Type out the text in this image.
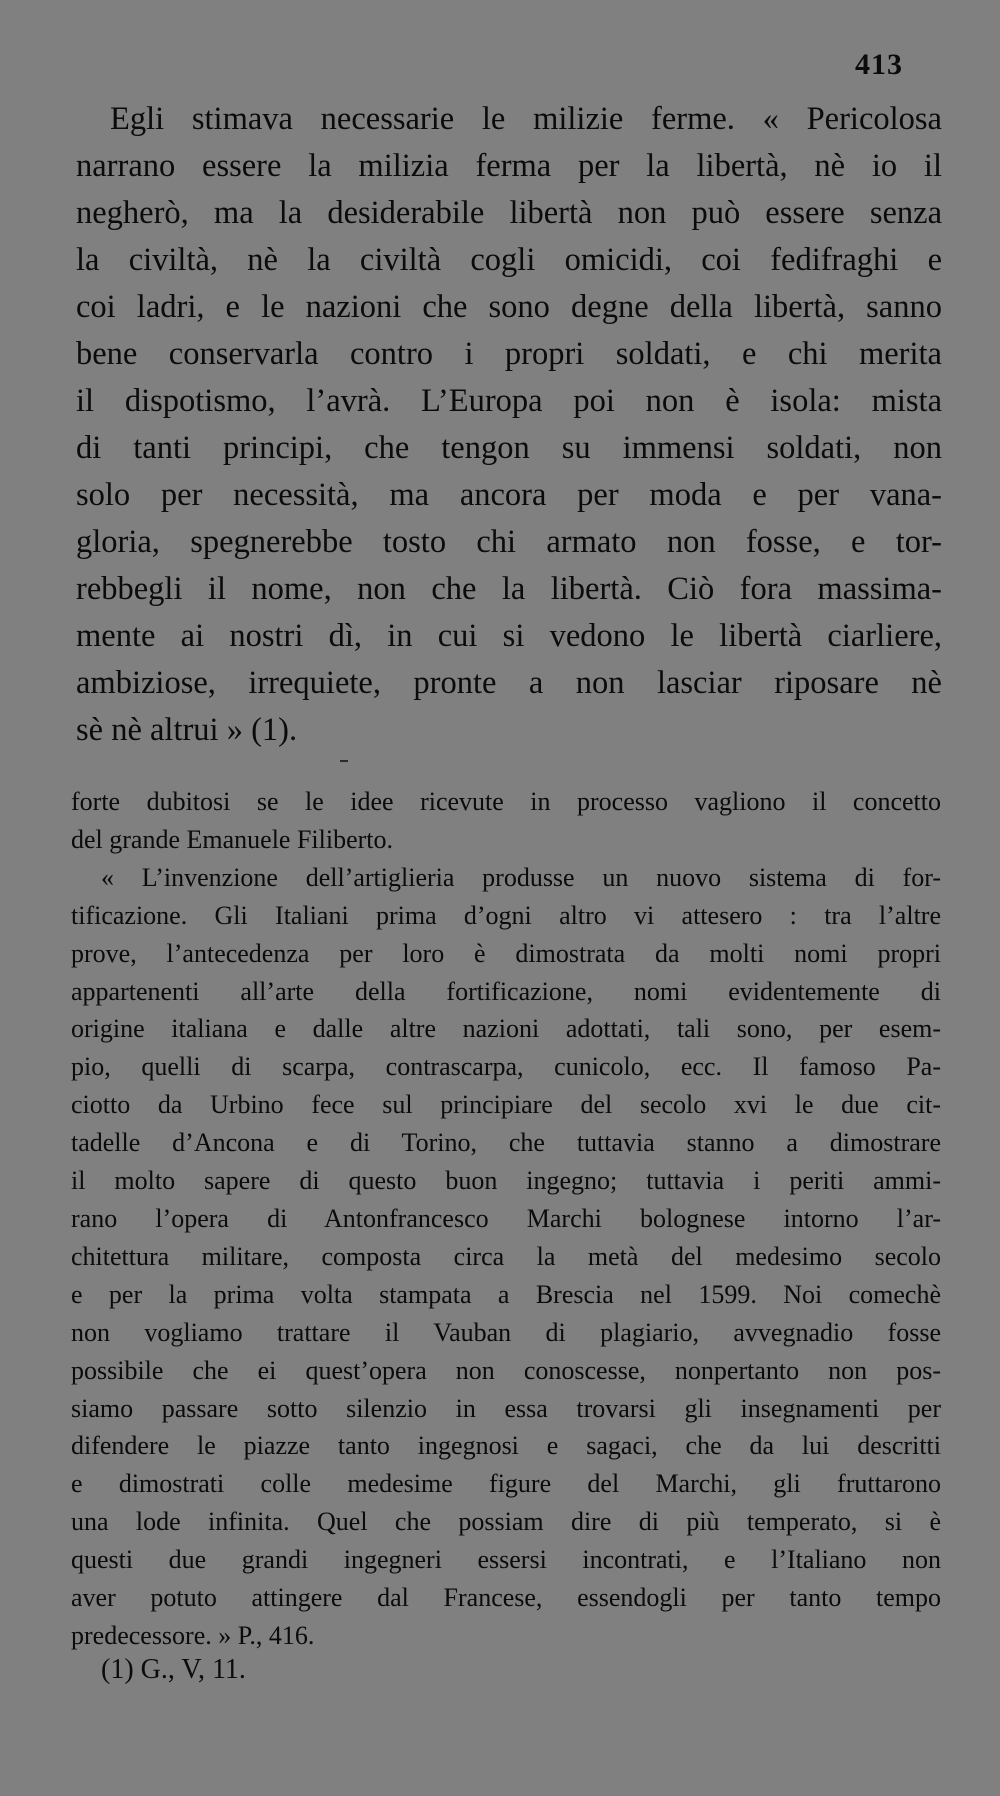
413
Egli stimava necessarie le milizie ferme. « Pericolosa
narrano essere la milizia ferma per la libertà, nè io il
negherò, ma la desiderabile libertà non può essere senza
la civiltà, nè la civiltà cogli omicidi, coi fedifraghi e
coi ladri, e le nazioni che sono degne della libertà, sanno
bene conservarla contro i propri soldati, e chi merita
il dispotismo, l’avrà. L’Europa poi non è isola: mista
di tanti principi, che tengon su immensi soldati, non
solo per necessità, ma ancora per moda e per vana-
gloria, spegnerebbe tosto chi armato non fosse, e tor-
rebbegli il nome, non che la libertà. Ciò fora massima-
mente ai nostri dì, in cui si vedono le libertà ciarliere,
ambiziose, irrequiete, pronte a non lasciar riposare nè
sè nè altrui » (1).
forte dubitosi se le idee ricevute in processo vagliono il concetto
del grande Emanuele Filiberto.
« L’invenzione dell’artiglieria produsse un nuovo sistema di for-
tificazione. Gli Italiani prima d’ogni altro vi attesero : tra l’altre
prove, l’antecedenza per loro è dimostrata da molti nomi propri
appartenenti all’arte della fortificazione, nomi evidentemente di
origine italiana e dalle altre nazioni adottati, tali sono, per esem-
pio, quelli di scarpa, contrascarpa, cunicolo, ecc. Il famoso Pa-
ciotto da Urbino fece sul principiare del secolo xvi le due cit-
tadelle d’Ancona e di Torino, che tuttavia stanno a dimostrare
il molto sapere di questo buon ingegno; tuttavia i periti ammi-
rano l’opera di Antonfrancesco Marchi bolognese intorno l’ar-
chitettura militare, composta circa la metà del medesimo secolo
e per la prima volta stampata a Brescia nel 1599. Noi comechè
non vogliamo trattare il Vauban di plagiario, avvegnadio fosse
possibile che ei quest’opera non conoscesse, nonpertanto non pos-
siamo passare sotto silenzio in essa trovarsi gli insegnamenti per
difendere le piazze tanto ingegnosi e sagaci, che da lui descritti
e dimostrati colle medesime figure del Marchi, gli fruttarono
una lode infinita. Quel che possiam dire di più temperato, si è
questi due grandi ingegneri essersi incontrati, e l’Italiano non
aver potuto attingere dal Francese, essendogli per tanto tempo
predecessore. » P., 416.
(1) G., V, 11.
